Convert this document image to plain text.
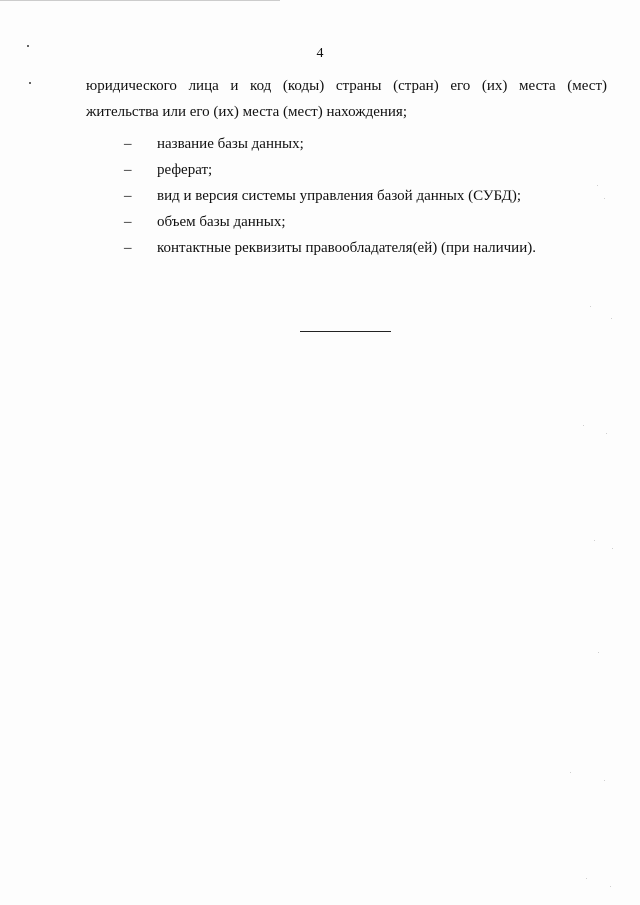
4
юридического лица и код (коды) страны (стран) его (их) места (мест)
жительства или его (их) места (мест) нахождения;
– название базы данных;
– реферат;
– вид и версия системы управления базой данных (СУБД);
– объем базы данных;
– контактные реквизиты правообладателя(ей) (при наличии).
